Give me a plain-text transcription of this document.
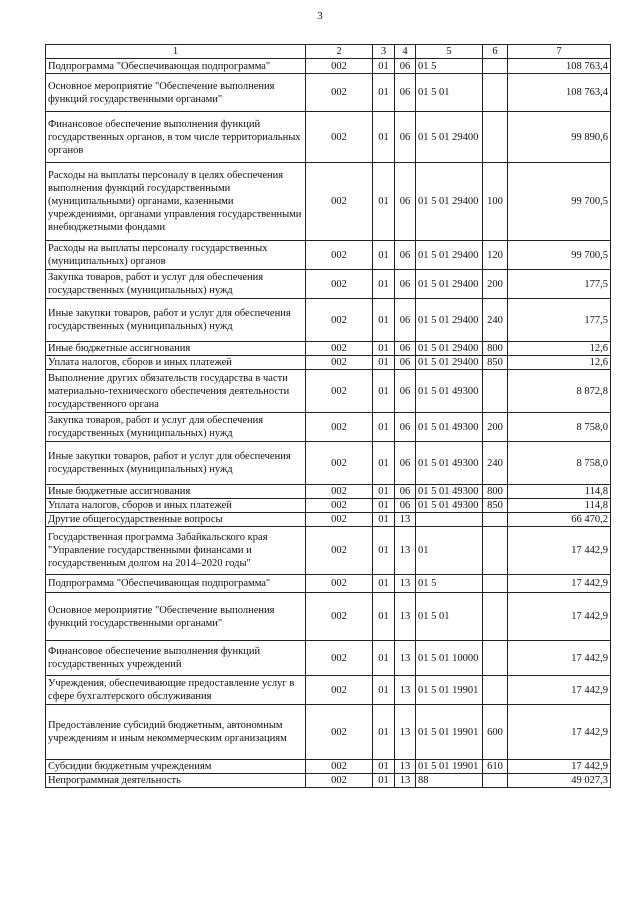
3
1	2	3	4	5	6	7
Подпрограмма "Обеспечивающая подпрограмма"	002	01	06	01 5		108 763,4
Основное мероприятие "Обеспечение выполнения функций государственными органами"	002	01	06	01 5 01		108 763,4
Финансовое обеспечение выполнения функций государственных органов, в том числе территориальных органов	002	01	06	01 5 01 29400		99 890,6
Расходы на выплаты персоналу в целях обеспечения выполнения функций государственными (муниципальными) органами, казенными учреждениями, органами управления государственными внебюджетными фондами	002	01	06	01 5 01 29400	100	99 700,5
Расходы на выплаты персоналу государственных (муниципальных) органов	002	01	06	01 5 01 29400	120	99 700,5
Закупка товаров, работ и услуг для обеспечения государственных (муниципальных) нужд	002	01	06	01 5 01 29400	200	177,5
Иные закупки товаров, работ и услуг для обеспечения государственных (муниципальных) нужд	002	01	06	01 5 01 29400	240	177,5
Иные бюджетные ассигнования	002	01	06	01 5 01 29400	800	12,6
Уплата налогов, сборов и иных платежей	002	01	06	01 5 01 29400	850	12,6
Выполнение других обязательств государства в части материально-технического обеспечения деятельности государственного органа	002	01	06	01 5 01 49300		8 872,8
Закупка товаров, работ и услуг для обеспечения государственных (муниципальных) нужд	002	01	06	01 5 01 49300	200	8 758,0
Иные закупки товаров, работ и услуг для обеспечения государственных (муниципальных) нужд	002	01	06	01 5 01 49300	240	8 758,0
Иные бюджетные ассигнования	002	01	06	01 5 01 49300	800	114,8
Уплата налогов, сборов и иных платежей	002	01	06	01 5 01 49300	850	114,8
Другие общегосударственные вопросы	002	01	13			66 470,2
Государственная программа Забайкальского края "Управление государственными финансами и государственным долгом на 2014–2020 годы"	002	01	13	01		17 442,9
Подпрограмма "Обеспечивающая подпрограмма"	002	01	13	01 5		17 442,9
Основное мероприятие "Обеспечение выполнения функций государственными органами"	002	01	13	01 5 01		17 442,9
Финансовое обеспечение выполнения функций государственных учреждений	002	01	13	01 5 01 10000		17 442,9
Учреждения, обеспечивающие предоставление услуг в сфере бухгалтерского обслуживания	002	01	13	01 5 01 19901		17 442,9
Предоставление субсидий бюджетным, автономным учреждениям и иным некоммерческим организациям	002	01	13	01 5 01 19901	600	17 442,9
Субсидии бюджетным учреждениям	002	01	13	01 5 01 19901	610	17 442,9
Непрограммная деятельность	002	01	13	88		49 027,3
